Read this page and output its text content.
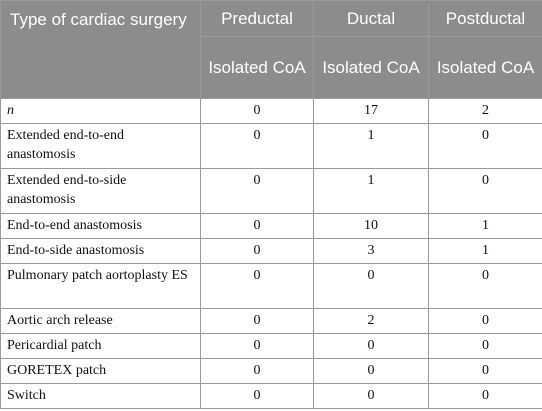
Type of cardiac surgery	Preductal	Ductal	Postductal
	Isolated CoA	Isolated CoA	Isolated CoA
n	0	17	2
Extended end-to-end anastomosis	0	1	0
Extended end-to-side anastomosis	0	1	0
End-to-end anastomosis	0	10	1
End-to-side anastomosis	0	3	1
Pulmonary patch aortoplasty ES	0	0	0
Aortic arch release	0	2	0
Pericardial patch	0	0	0
GORETEX patch	0	0	0
Switch	0	0	0
